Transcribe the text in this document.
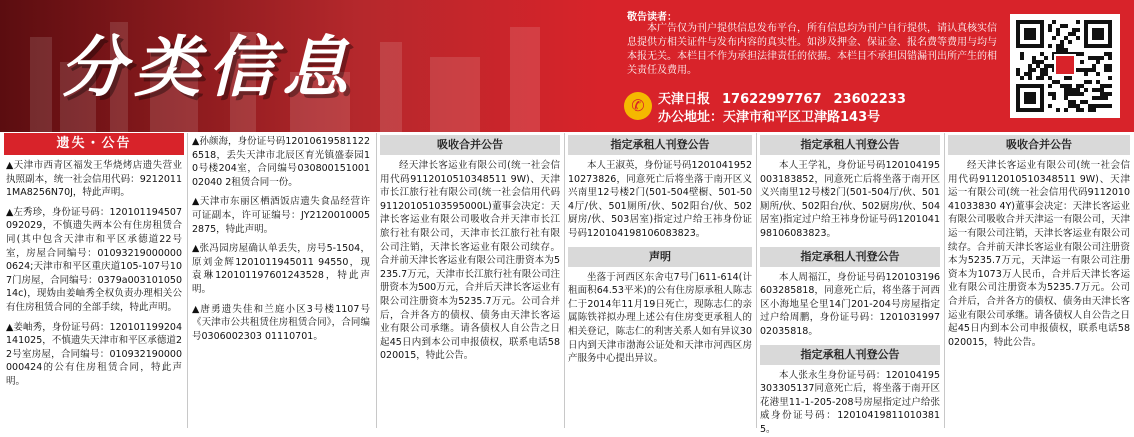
分类信息
敬告读者：
本广告仅为刊户提供信息发布平台，所有信息均为刊户自行提供，请认真核实信息提供方相关证件与发布内容的真实性。如涉及押金、保证金、报名费等费用与均与本报无关。本栏目不作为承担法律责任的依据。本栏目不承担因错漏刊出所产生的相关责任及费用。
✆	天津日报 17622997767 23602233
办公地址：天津市和平区卫津路143号
遗失・公告
▲天津市西青区福发王华烧烤店遗失营业执照副本，统一社会信用代码：92120111MA8256N70J，特此声明。
▲左秀珍，身份证号码：120101194507092029，不慎遗失两本公有住房租赁合同(其中包含天津市和平区承德道22号室，房屋合同编号：010932190000000624;天津市和平区重庆道105-107号107门房屋，合同编号：0379a00310105014c)，现妫由姜岫秀全权负责办理相关公有住房租赁合同的全部手续，特此声明。
▲姜岫秀，身份证号码：120101199204141025，不慎遗失天津市和平区承德道22号室房屋，合同编号：010932190000000424的公有住房租赁合同，特此声明。
▲孙颜海，身份证号码120106195811226518，丢失天津市北辰区育光镇盛泰园10号楼204室，合同编号03080015100102040 2租赁合同一份。
▲天津市东丽区栖酒饭店遗失食品经营许可证副本，许可证编号：JY21200100052875，特此声明。
▲张冯园房屋确认单丢失，房号5-1504，原刘金辉1201011945011 94550，现袁琳120101197601243528，特此声明。
▲唐勇遗失佳和兰庭小区3号楼1107号《天津市公共租赁住房租赁合同》，合同编号0306002303 01110701。
吸收合并公告
经天津长客运业有限公司(统一社会信用代码9112010510348511 9W)、天津市长江旅行社有限公司(统一社会信用代码91120105103595000L)董事会决定：天津长客运业有限公司吸收合并天津市长江旅行社有限公司，天津市长江旅行社有限公司注销，天津长客运业有限公司续存。合并前天津长客运业有限公司注册资本为5235.7万元，天津市长江旅行社有限公司注册资本为500万元，合并后天津长客运业有限公司注册资本为5235.7万元。公司合并后，合并各方的债权、债务由天津长客运业有限公司承继。请各债权人自公告之日起45日内到本公司申报债权，联系电话58020015，特此公告。
指定承租人刊登公告
本人王淑英，身份证号码120104195210273826，同意死亡后将坐落于南开区义兴南里12号楼2门(501-504壁橱、501-504厅/伙、501厕所/伙、502阳台/伙、502厨房/伙、503居室)指定过户给王祎身份证号码120104198106083823。
声明
坐落于河西区东舍屯7号门611-614(计租面积64.53平米)的公有住房原承租人陈志仁于2014年11月19日死亡，现陈志仁的亲属陈铁祥拟办理上述公有住房变更承租人的相关登记，陈志仁的利害关系人如有异议30日内到天津市渤海公证处和天津市河西区房产服务中心提出异议。
指定承租人刊登公告
本人王学礼，身份证号码120104195003183852，同意死亡后将坐落于南开区义兴南里12号楼2门(501-504厅/伙、501厕所/伙、502阳台/伙、502厨房/伙、504居室)指定过户给王祎身份证号码120104198106083823。
指定承租人刊登公告
本人周福江，身份证号码120103196603285818，同意死亡后，将坐落于河西区小海地星仑里14门201-204号房屋指定过户给周鹏，身份证号码：120103199702035818。
指定承租人刊登公告
本人张永生身份证号码：120104195303305137同意死亡后，将坐落于南开区花港里11-1-205-208号房屋指定过户给张威身份证号码：120104198110103815。
吸收合并公告
经天津长客运业有限公司(统一社会信用代码9112010510348511 9W)、天津运一有限公司(统一社会信用代码911201041033830 4Y)董事会决定：天津长客运业有限公司吸收合并天津运一有限公司，天津运一有限公司注销，天津长客运业有限公司续存。合并前天津长客运业有限公司注册资本为5235.7万元，天津运一有限公司注册资本为1073万人民币，合并后天津长客运业有限公司注册资本为5235.7万元。公司合并后，合并各方的债权、债务由天津长客运业有限公司承继。请各债权人自公告之日起45日内到本公司申报债权，联系电话58020015，特此公告。
